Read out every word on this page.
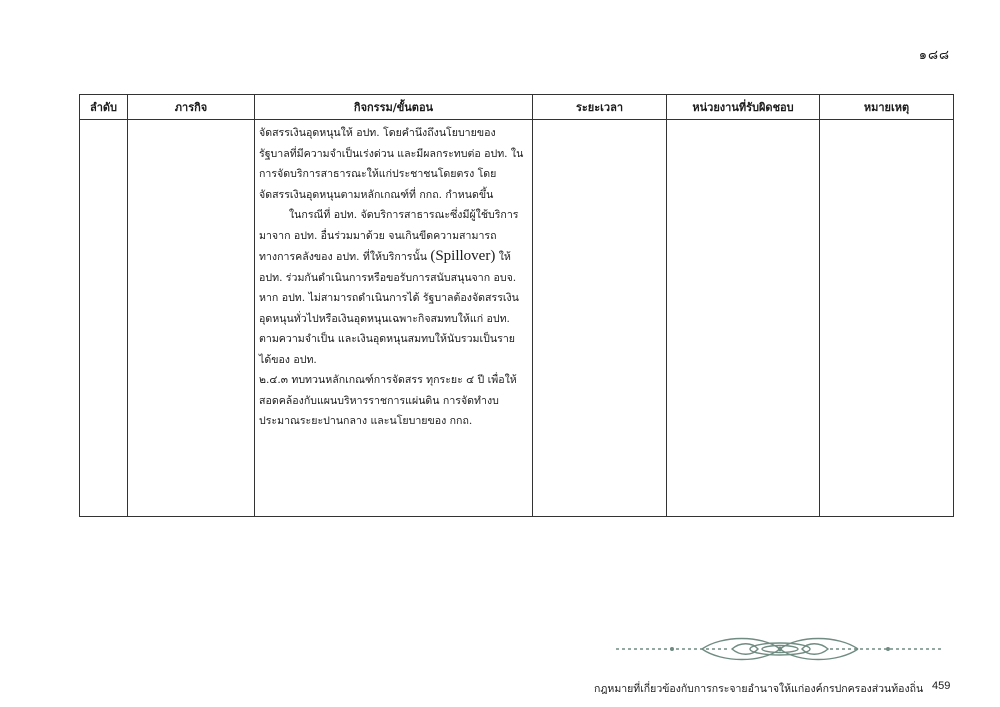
๑๘๘
ลำดับ	ภารกิจ	กิจกรรม/ขั้นตอน	ระยะเวลา	หน่วยงานที่รับผิดชอบ	หมายเหตุ

		จัดสรรเงินอุดหนุนให้ อปท. โดยคำนึงถึงนโยบายของรัฐบาลที่มีความจำเป็นเร่งด่วน และมีผลกระทบต่อ อปท. ในการจัดบริการสาธารณะให้แก่ประชาชนโดยตรง โดยจัดสรรเงินอุดหนุนตามหลักเกณฑ์ที่ กกถ. กำหนดขึ้น

ในกรณีที่ อปท. จัดบริการสาธารณะซึ่งมีผู้ใช้บริการมาจาก อปท. อื่นร่วมมาด้วย จนเกินขีดความสามารถทางการคลังของ อปท. ที่ให้บริการนั้น (Spillover) ให้ อปท. ร่วมกันดำเนินการหรือขอรับการสนับสนุนจาก อบจ. หาก อปท. ไม่สามารถดำเนินการได้ รัฐบาลต้องจัดสรรเงินอุดหนุนทั่วไปหรือเงินอุดหนุนเฉพาะกิจสมทบให้แก่ อปท. ตามความจำเป็น และเงินอุดหนุนสมทบให้นับรวมเป็นรายได้ของ อปท.

๒.๔.๓ ทบทวนหลักเกณฑ์การจัดสรร ทุกระยะ ๔ ปี เพื่อให้สอดคล้องกับแผนบริหารราชการแผ่นดิน การจัดทำงบประมาณระยะปานกลาง และนโยบายของ กกถ.			

กฎหมายที่เกี่ยวข้องกับการกระจายอำนาจให้แก่องค์กรปกครองส่วนท้องถิ่น 459
